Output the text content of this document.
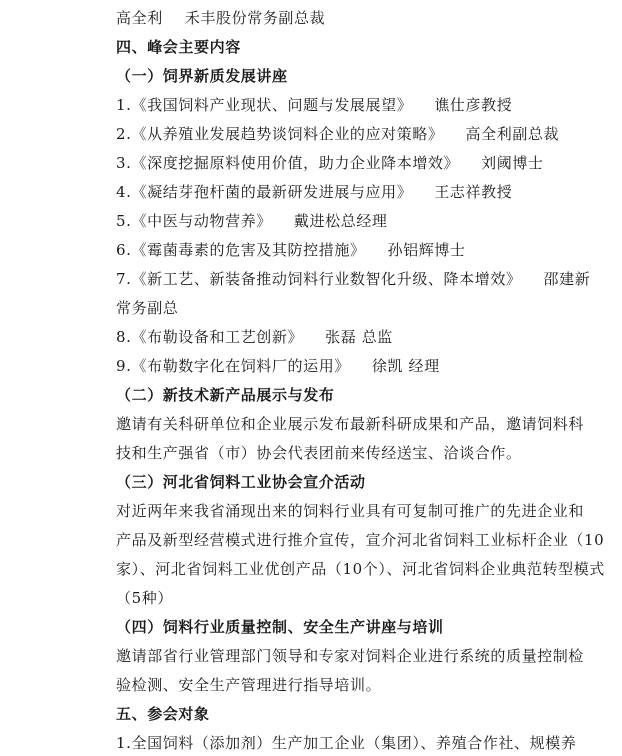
高全利 禾丰股份常务副总裁
四、峰会主要内容
（一）饲界新质发展讲座
1.《我国饲料产业现状、问题与发展展望》 谯仕彦教授
2.《从养殖业发展趋势谈饲料企业的应对策略》 高全利副总裁
3.《深度挖掘原料使用价值，助力企业降本增效》 刘阈博士
4.《凝结芽孢杆菌的最新研发进展与应用》 王志祥教授
5.《中医与动物营养》 戴进松总经理
6.《霉菌毒素的危害及其防控措施》 孙铝辉博士
7.《新工艺、新装备推动饲料行业数智化升级、降本增效》 邵建新
常务副总
8.《布勒设备和工艺创新》 张磊 总监
9.《布勒数字化在饲料厂的运用》 徐凯 经理
（二）新技术新产品展示与发布
邀请有关科研单位和企业展示发布最新科研成果和产品，邀请饲料科
技和生产强省（市）协会代表团前来传经送宝、洽谈合作。
（三）河北省饲料工业协会宣介活动
对近两年来我省涌现出来的饲料行业具有可复制可推广的先进企业和
产品及新型经营模式进行推介宣传，宣介河北省饲料工业标杆企业（10
家）、河北省饲料工业优创产品（10个）、河北省饲料企业典范转型模式
（5种）
（四）饲料行业质量控制、安全生产讲座与培训
邀请部省行业管理部门领导和专家对饲料企业进行系统的质量控制检
验检测、安全生产管理进行指导培训。
五、参会对象
1.全国饲料（添加剂）生产加工企业（集团）、养殖合作社、规模养
